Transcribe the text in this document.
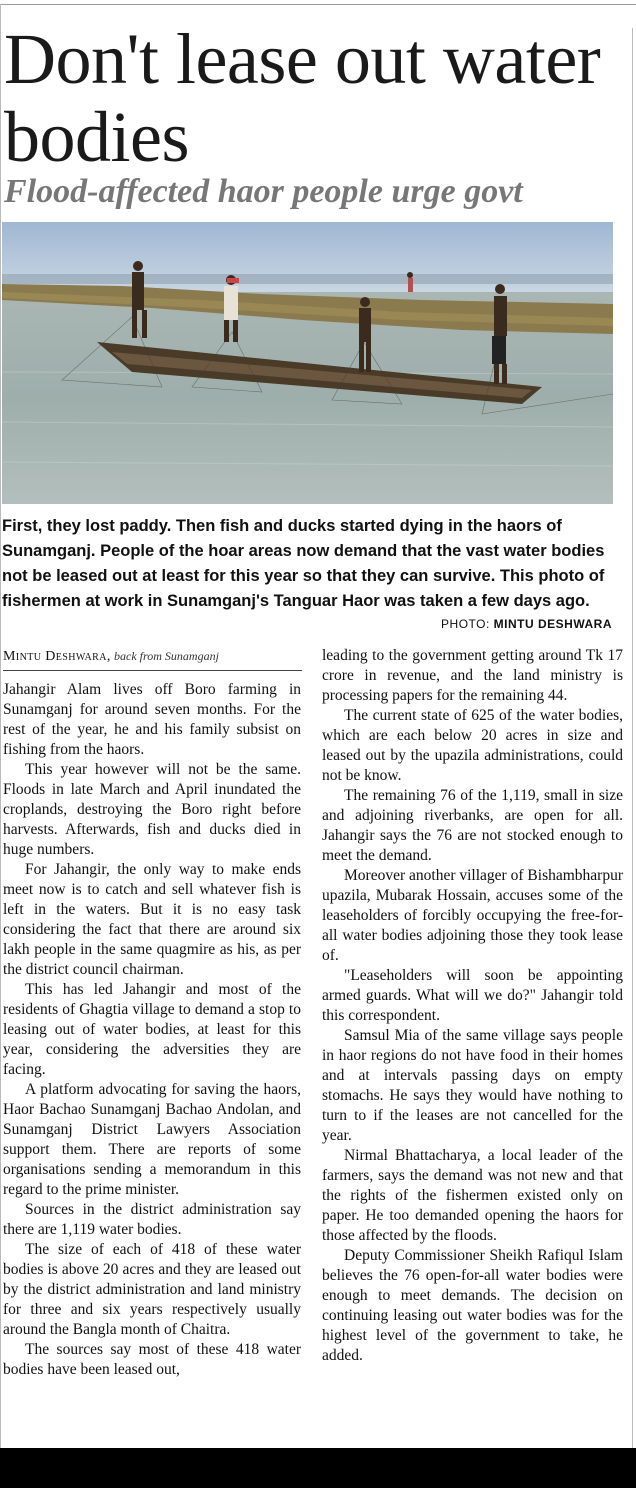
Don't lease out water bodies
Flood-affected haor people urge govt
First, they lost paddy. Then fish and ducks started dying in the haors of Sunamganj. People of the hoar areas now demand that the vast water bodies not be leased out at least for this year so that they can survive. This photo of fishermen at work in Sunamganj's Tanguar Haor was taken a few days ago.
PHOTO: MINTU DESHWARA
Mintu Deshwara, back from Sunamganj

Jahangir Alam lives off Boro farming in Sunamganj for around seven months. For the rest of the year, he and his family subsist on fishing from the haors.

This year however will not be the same. Floods in late March and April inundated the croplands, destroying the Boro right before harvests. Afterwards, fish and ducks died in huge numbers.

For Jahangir, the only way to make ends meet now is to catch and sell whatever fish is left in the waters. But it is no easy task considering the fact that there are around six lakh people in the same quagmire as his, as per the district council chairman.

This has led Jahangir and most of the residents of Ghagtia village to demand a stop to leasing out of water bodies, at least for this year, considering the adversities they are facing.

A platform advocating for saving the haors, Haor Bachao Sunamganj Bachao Andolan, and Sunamganj District Lawyers Association support them. There are reports of some organisations sending a memorandum in this regard to the prime minister.

Sources in the district administration say there are 1,119 water bodies.

The size of each of 418 of these water bodies is above 20 acres and they are leased out by the district administration and land ministry for three and six years respectively usually around the Bangla month of Chaitra.

The sources say most of these 418 water bodies have been leased out,

leading to the government getting around Tk 17 crore in revenue, and the land ministry is processing papers for the remaining 44.

The current state of 625 of the water bodies, which are each below 20 acres in size and leased out by the upazila administrations, could not be know.

The remaining 76 of the 1,119, small in size and adjoining riverbanks, are open for all. Jahangir says the 76 are not stocked enough to meet the demand.

Moreover another villager of Bishambharpur upazila, Mubarak Hossain, accuses some of the leaseholders of forcibly occupying the free-for-all water bodies adjoining those they took lease of.

"Leaseholders will soon be appointing armed guards. What will we do?" Jahangir told this correspondent.

Samsul Mia of the same village says people in haor regions do not have food in their homes and at intervals passing days on empty stomachs. He says they would have nothing to turn to if the leases are not cancelled for the year.

Nirmal Bhattacharya, a local leader of the farmers, says the demand was not new and that the rights of the fishermen existed only on paper. He too demanded opening the haors for those affected by the floods.

Deputy Commissioner Sheikh Rafiqul Islam believes the 76 open-for-all water bodies were enough to meet demands. The decision on continuing leasing out water bodies was for the highest level of the government to take, he added.
